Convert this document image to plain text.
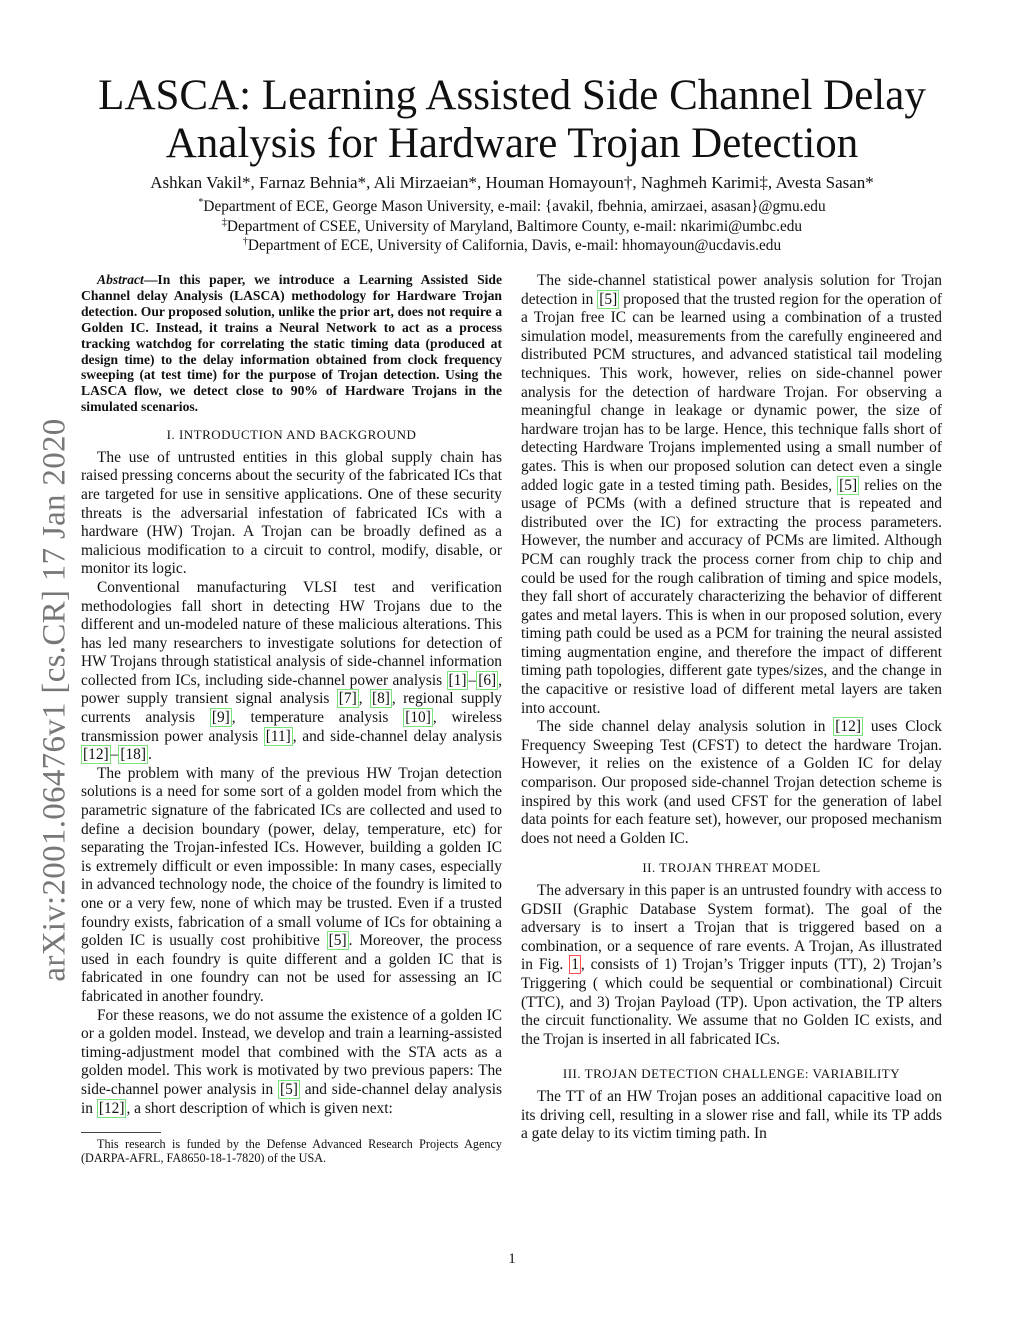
arXiv:2001.06476v1 [cs.CR] 17 Jan 2020
LASCA: Learning Assisted Side Channel Delay
Analysis for Hardware Trojan Detection
Ashkan Vakil*, Farnaz Behnia*, Ali Mirzaeian*, Houman Homayoun†, Naghmeh Karimi‡, Avesta Sasan*
*Department of ECE, George Mason University, e-mail: {avakil, fbehnia, amirzaei, asasan}@gmu.edu
‡Department of CSEE, University of Maryland, Baltimore County, e-mail: nkarimi@umbc.edu
†Department of ECE, University of California, Davis, e-mail: hhomayoun@ucdavis.edu

Abstract—In this paper, we introduce a Learning Assisted Side Channel delay Analysis (LASCA) methodology for Hardware Trojan detection. Our proposed solution, unlike the prior art, does not require a Golden IC. Instead, it trains a Neural Network to act as a process tracking watchdog for correlating the static timing data (produced at design time) to the delay information obtained from clock frequency sweeping (at test time) for the purpose of Trojan detection. Using the LASCA flow, we detect close to 90% of Hardware Trojans in the simulated scenarios.

I. INTRODUCTION AND BACKGROUND

The use of untrusted entities in this global supply chain has raised pressing concerns about the security of the fabricated ICs that are targeted for use in sensitive applications. One of these security threats is the adversarial infestation of fabricated ICs with a hardware (HW) Trojan. A Trojan can be broadly defined as a malicious modification to a circuit to control, modify, disable, or monitor its logic.

Conventional manufacturing VLSI test and verification methodologies fall short in detecting HW Trojans due to the different and un-modeled nature of these malicious alterations. This has led many researchers to investigate solutions for detection of HW Trojans through statistical analysis of side-channel information collected from ICs, including side-channel power analysis [1] – [6] , power supply transient signal analysis [7] , [8] , regional supply currents analysis [9] , temperature analysis [10] , wireless transmission power analysis [11] , and side-channel delay analysis [12] – [18] .

The problem with many of the previous HW Trojan detection solutions is a need for some sort of a golden model from which the parametric signature of the fabricated ICs are collected and used to define a decision boundary (power, delay, temperature, etc) for separating the Trojan-infested ICs. However, building a golden IC is extremely difficult or even impossible: In many cases, especially in advanced technology node, the choice of the foundry is limited to one or a very few, none of which may be trusted. Even if a trusted foundry exists, fabrication of a small volume of ICs for obtaining a golden IC is usually cost prohibitive [5] . Moreover, the process used in each foundry is quite different and a golden IC that is fabricated in one foundry can not be used for assessing an IC fabricated in another foundry.

For these reasons, we do not assume the existence of a golden IC or a golden model. Instead, we develop and train a learning-assisted timing-adjustment model that combined with the STA acts as a golden model. This work is motivated by two previous papers: The side-channel power analysis in [5] and side-channel delay analysis in [12] , a short description of which is given next:

This research is funded by the Defense Advanced Research Projects Agency (DARPA-AFRL, FA8650-18-1-7820) of the USA.

The side-channel statistical power analysis solution for Trojan detection in [5] proposed that the trusted region for the operation of a Trojan free IC can be learned using a combination of a trusted simulation model, measurements from the carefully engineered and distributed PCM structures, and advanced statistical tail modeling techniques. This work, however, relies on side-channel power analysis for the detection of hardware Trojan. For observing a meaningful change in leakage or dynamic power, the size of hardware trojan has to be large. Hence, this technique falls short of detecting Hardware Trojans implemented using a small number of gates. This is when our proposed solution can detect even a single added logic gate in a tested timing path. Besides, [5] relies on the usage of PCMs (with a defined structure that is repeated and distributed over the IC) for extracting the process parameters. However, the number and accuracy of PCMs are limited. Although PCM can roughly track the process corner from chip to chip and could be used for the rough calibration of timing and spice models, they fall short of accurately characterizing the behavior of different gates and metal layers. This is when in our proposed solution, every timing path could be used as a PCM for training the neural assisted timing augmentation engine, and therefore the impact of different timing path topologies, different gate types/sizes, and the change in the capacitive or resistive load of different metal layers are taken into account.

The side channel delay analysis solution in [12] uses Clock Frequency Sweeping Test (CFST) to detect the hardware Trojan. However, it relies on the existence of a Golden IC for delay comparison. Our proposed side-channel Trojan detection scheme is inspired by this work (and used CFST for the generation of label data points for each feature set), however, our proposed mechanism does not need a Golden IC.

II. TROJAN THREAT MODEL

The adversary in this paper is an untrusted foundry with access to GDSII (Graphic Database System format). The goal of the adversary is to insert a Trojan that is triggered based on a combination, or a sequence of rare events. A Trojan, As illustrated in Fig. 1 , consists of 1) Trojan’s Trigger inputs (TT), 2) Trojan’s Triggering ( which could be sequential or combinational) Circuit (TTC), and 3) Trojan Payload (TP). Upon activation, the TP alters the circuit functionality. We assume that no Golden IC exists, and the Trojan is inserted in all fabricated ICs.

III. TROJAN DETECTION CHALLENGE: VARIABILITY

The TT of an HW Trojan poses an additional capacitive load on its driving cell, resulting in a slower rise and fall, while its TP adds a gate delay to its victim timing path. In

1
